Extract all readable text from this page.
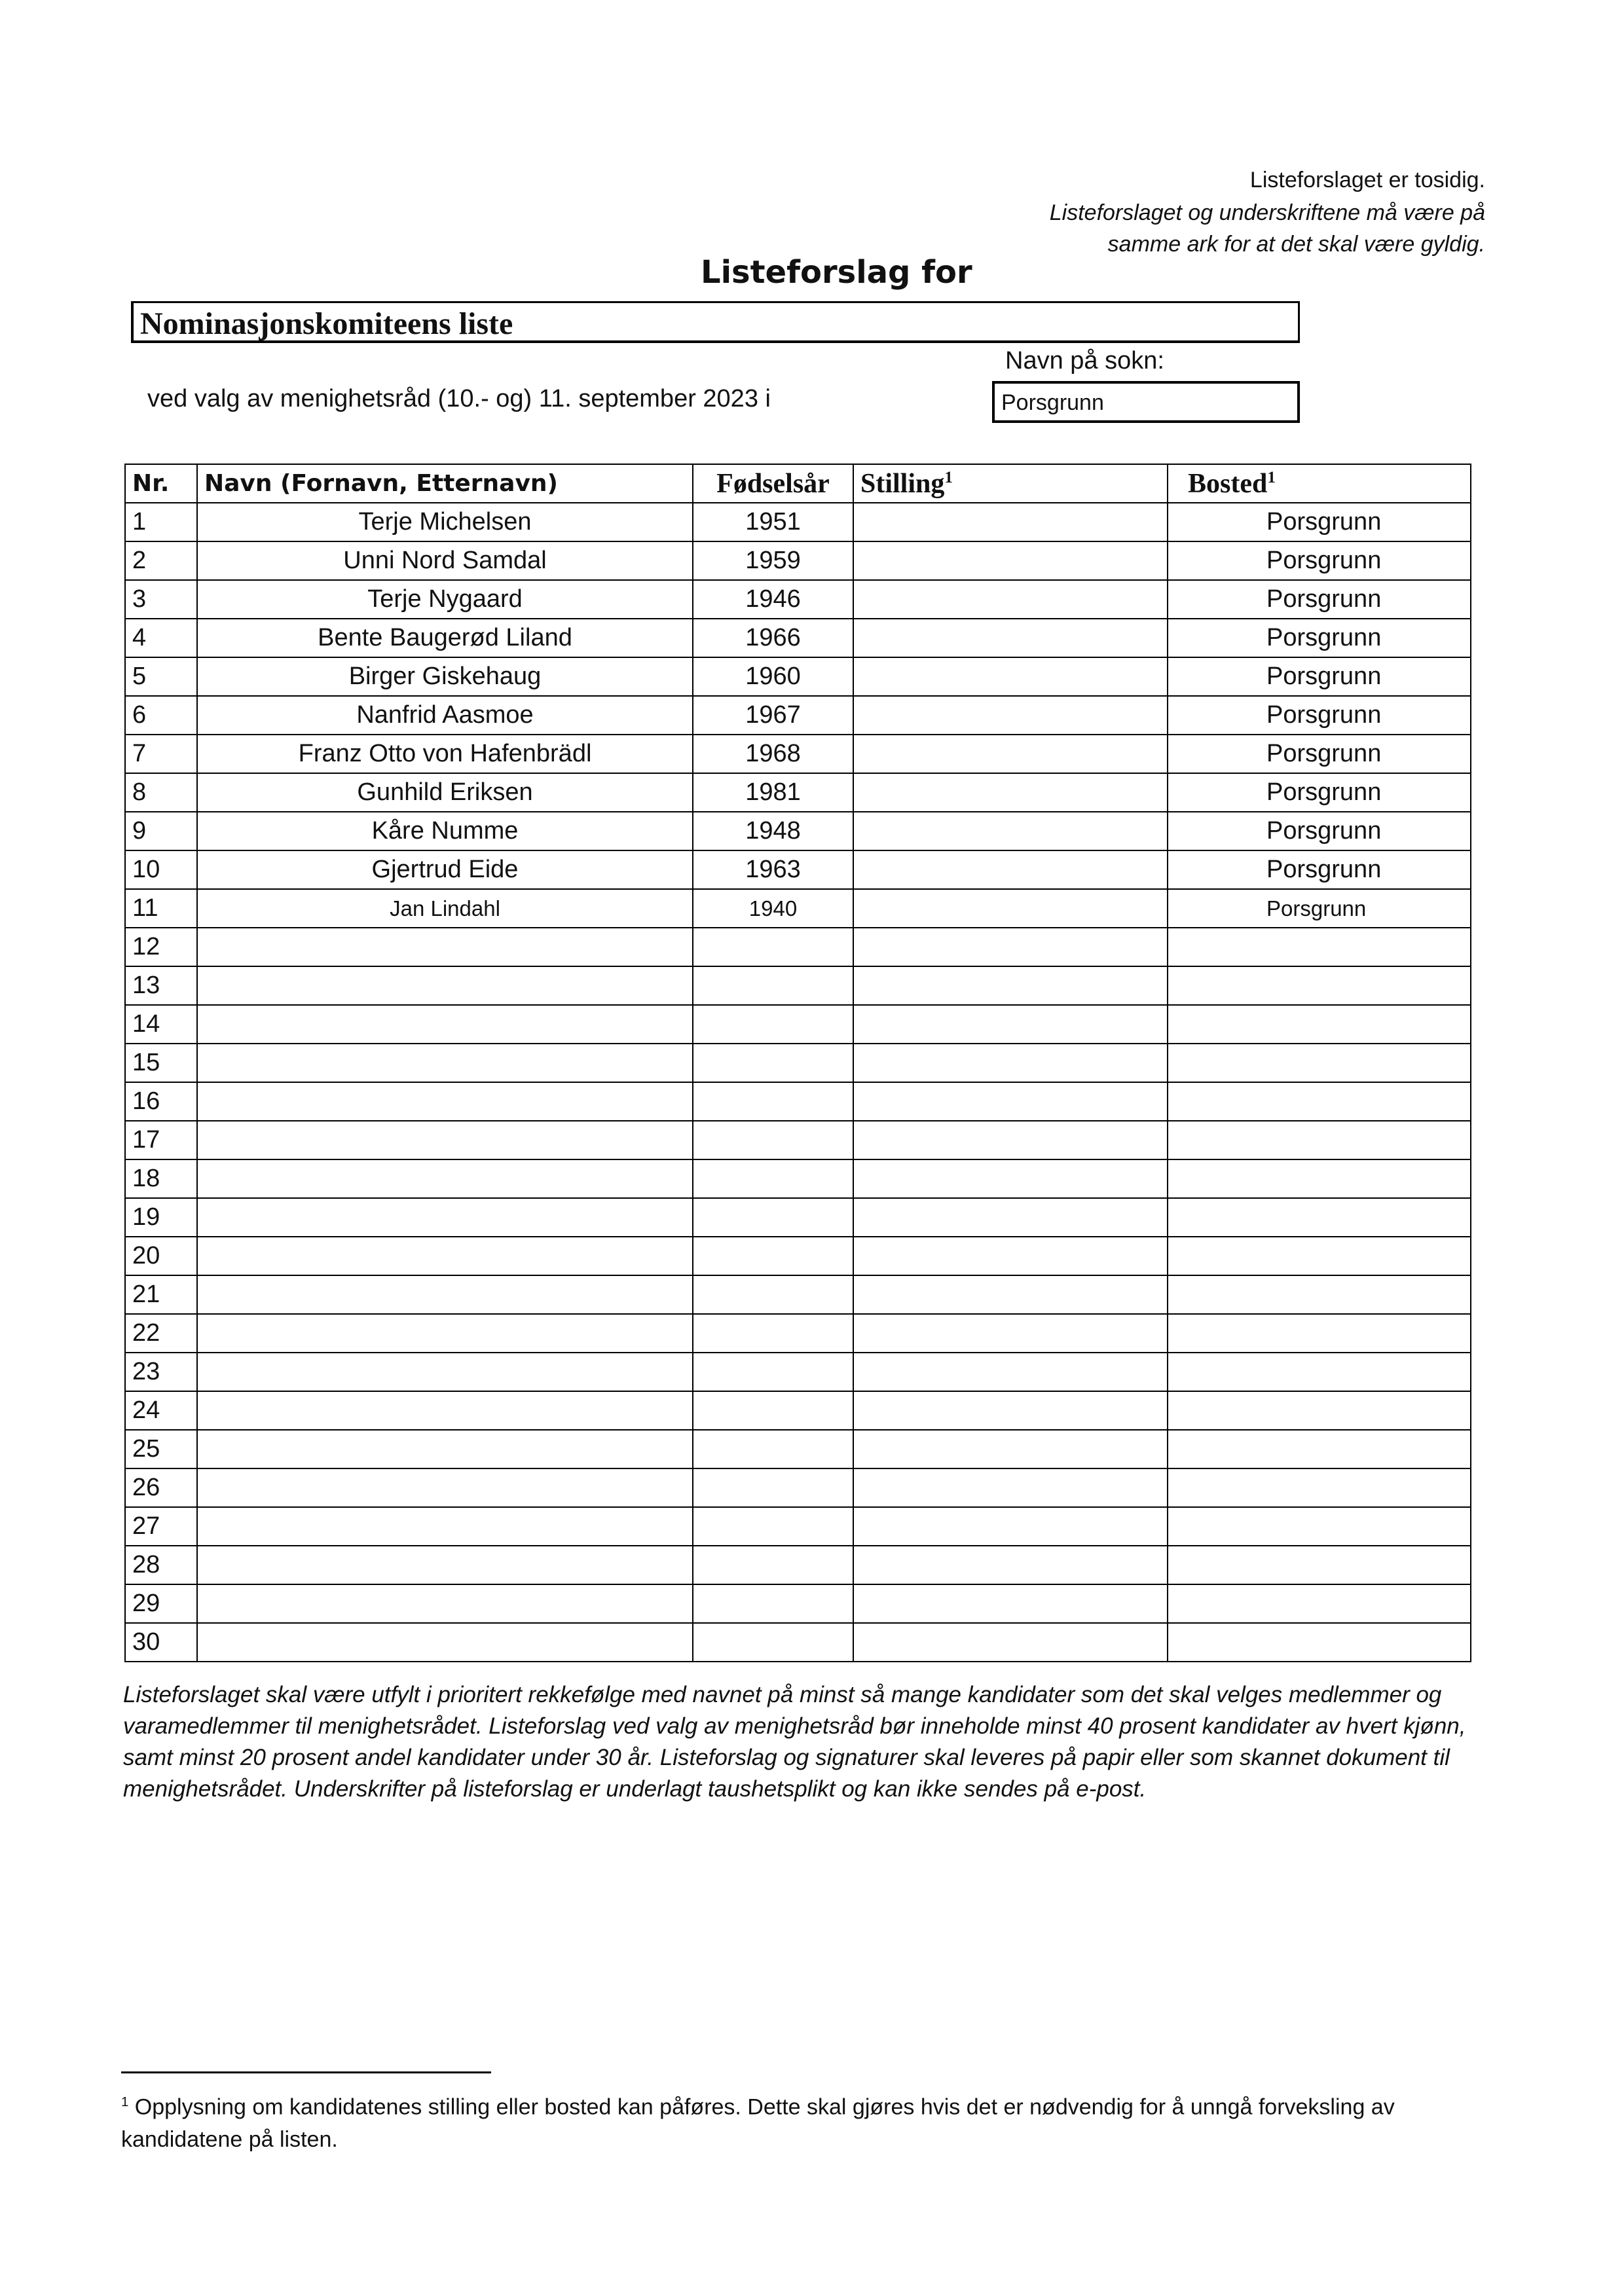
Listeforslaget er tosidig.
Listeforslaget og underskriftene må være på
samme ark for at det skal være gyldig.
Listeforslag for
Nominasjonskomiteens liste
Navn på sokn:
Porsgrunn
ved valg av menighetsråd (10.- og) 11. september 2023 i
Nr.	Navn (Fornavn, Etternavn)	Fødselsår	Stilling$^1$	Bosted$^1$
1	Terje Michelsen	1951		Porsgrunn
2	Unni Nord Samdal	1959		Porsgrunn
3	Terje Nygaard	1946		Porsgrunn
4	Bente Baugerød Liland	1966		Porsgrunn
5	Birger Giskehaug	1960		Porsgrunn
6	Nanfrid Aasmoe	1967		Porsgrunn
7	Franz Otto von Hafenbrädl	1968		Porsgrunn
8	Gunhild Eriksen	1981		Porsgrunn
9	Kåre Numme	1948		Porsgrunn
10	Gjertrud Eide	1963		Porsgrunn
11	Jan Lindahl	1940		Porsgrunn
12				
13				
14				
15				
16				
17				
18				
19				
20				
21				
22				
23				
24				
25				
26				
27				
28				
29				
30				
Listeforslaget skal være utfylt i prioritert rekkefølge med navnet på minst så mange kandidater som det skal velges medlemmer og varamedlemmer til menighetsrådet. Listeforslag ved valg av menighetsråd bør inneholde minst 40 prosent kandidater av hvert kjønn, samt minst 20 prosent andel kandidater under 30 år. Listeforslag og signaturer skal leveres på papir eller som skannet dokument til menighetsrådet. Underskrifter på listeforslag er underlagt taushetsplikt og kan ikke sendes på e-post.
$^1$ Opplysning om kandidatenes stilling eller bosted kan påføres. Dette skal gjøres hvis det er nødvendig for å unngå forveksling av kandidatene på listen.
